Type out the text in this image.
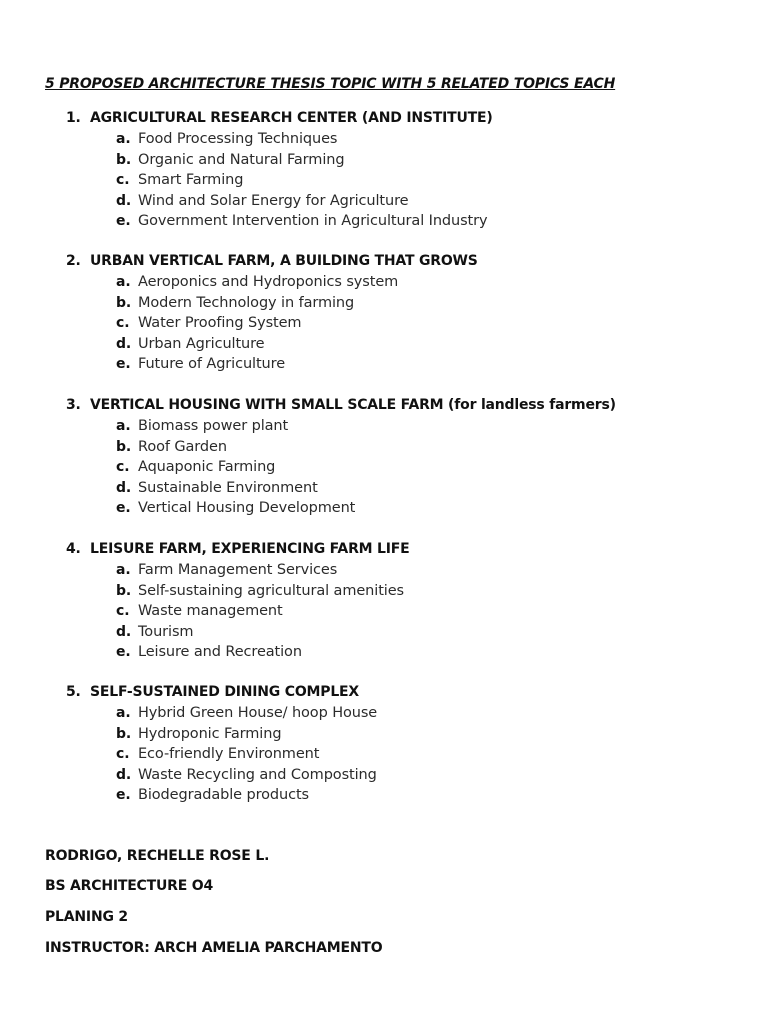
5 PROPOSED ARCHITECTURE THESIS TOPIC WITH 5 RELATED TOPICS EACH
1. AGRICULTURAL RESEARCH CENTER (AND INSTITUTE)
a. Food Processing Techniques
b. Organic and Natural Farming
c. Smart Farming
d. Wind and Solar Energy for Agriculture
e. Government Intervention in Agricultural Industry
2. URBAN VERTICAL FARM, A BUILDING THAT GROWS
a. Aeroponics and Hydroponics system
b. Modern Technology in farming
c. Water Proofing System
d. Urban Agriculture
e. Future of Agriculture
3. VERTICAL HOUSING WITH SMALL SCALE FARM (for landless farmers)
a. Biomass power plant
b. Roof Garden
c. Aquaponic Farming
d. Sustainable Environment
e. Vertical Housing Development
4. LEISURE FARM, EXPERIENCING FARM LIFE
a. Farm Management Services
b. Self-sustaining agricultural amenities
c. Waste management
d. Tourism
e. Leisure and Recreation
5. SELF-SUSTAINED DINING COMPLEX
a. Hybrid Green House/ hoop House
b. Hydroponic Farming
c. Eco-friendly Environment
d. Waste Recycling and Composting
e. Biodegradable products
RODRIGO, RECHELLE ROSE L.
BS ARCHITECTURE O4
PLANING 2
INSTRUCTOR: ARCH AMELIA PARCHAMENTO
